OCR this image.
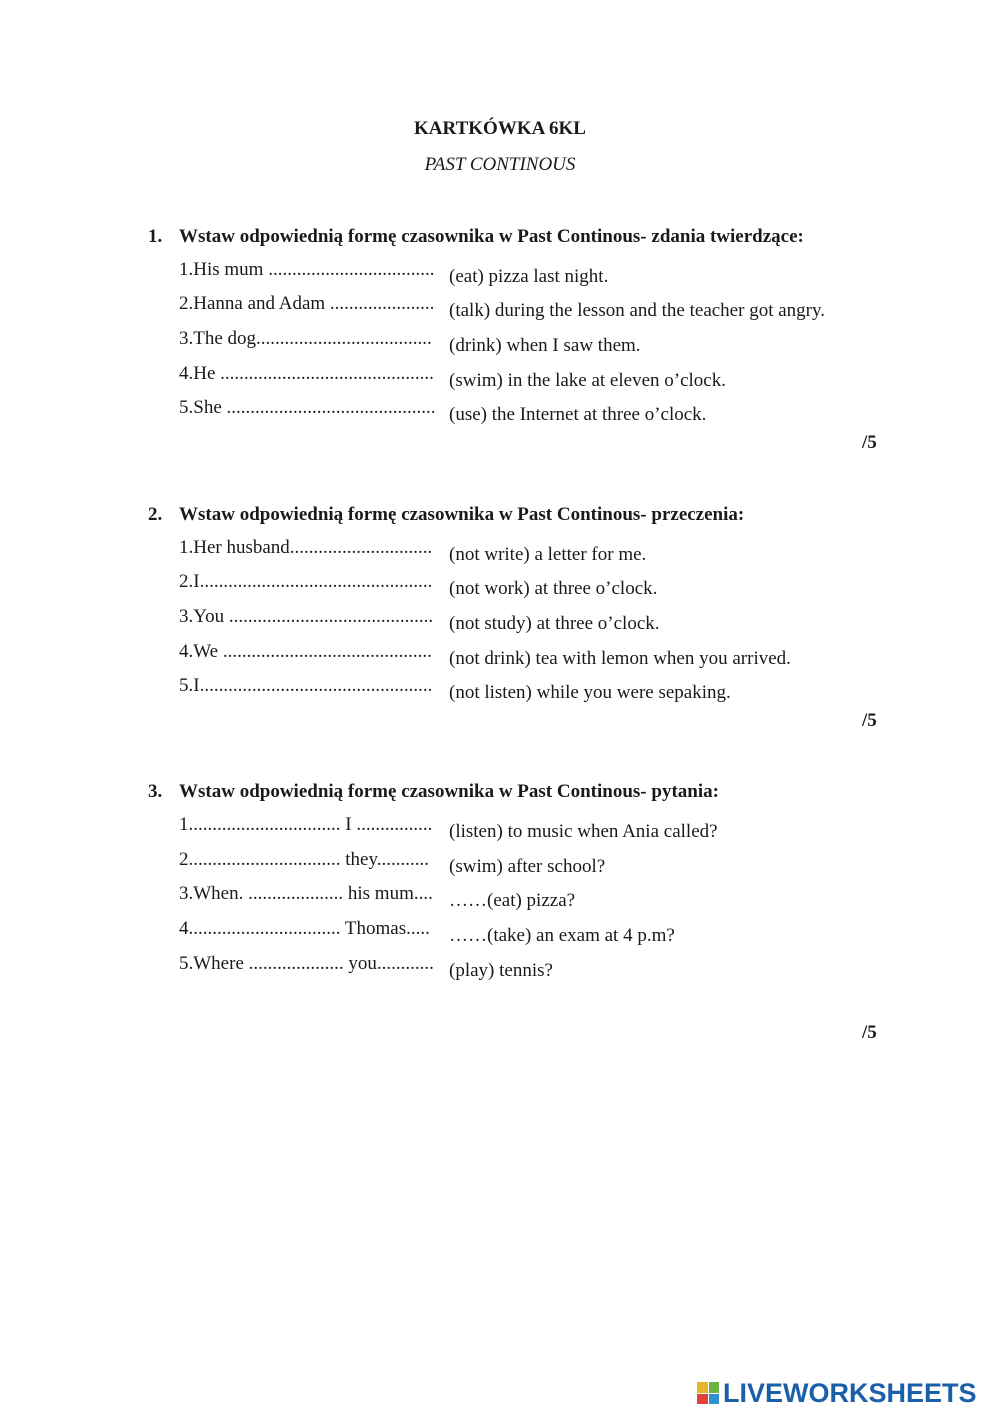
KARTKÓWKA 6KL
PAST CONTINOUS
1. Wstaw odpowiednią formę czasownika w Past Continous- zdania twierdzące:
1.His mum ................................... (eat) pizza last night.
2.Hanna and Adam ...................... (talk) during the lesson and the teacher got angry.
3.The dog..................................... (drink) when I saw them.
4.He ............................................. (swim) in the lake at eleven o’clock.
5.She ............................................ (use) the Internet at three o’clock.
/5
2. Wstaw odpowiednią formę czasownika w Past Continous- przeczenia:
1.Her husband.............................. (not write) a letter for me.
2.I................................................. (not work) at three o’clock.
3.You ........................................... (not study) at three o’clock.
4.We ............................................ (not drink) tea with lemon when you arrived.
5.I................................................. (not listen) while you were sepaking.
/5
3. Wstaw odpowiednią formę czasownika w Past Continous- pytania:
1................................ I ................ (listen) to music when Ania called?
2................................ they........... (swim) after school?
3.When. .................... his mum.... ……(eat) pizza?
4................................ Thomas..... ……(take) an exam at 4 p.m?
5.Where .................... you............ (play) tennis?
/5
LIVEWORKSHEETS
